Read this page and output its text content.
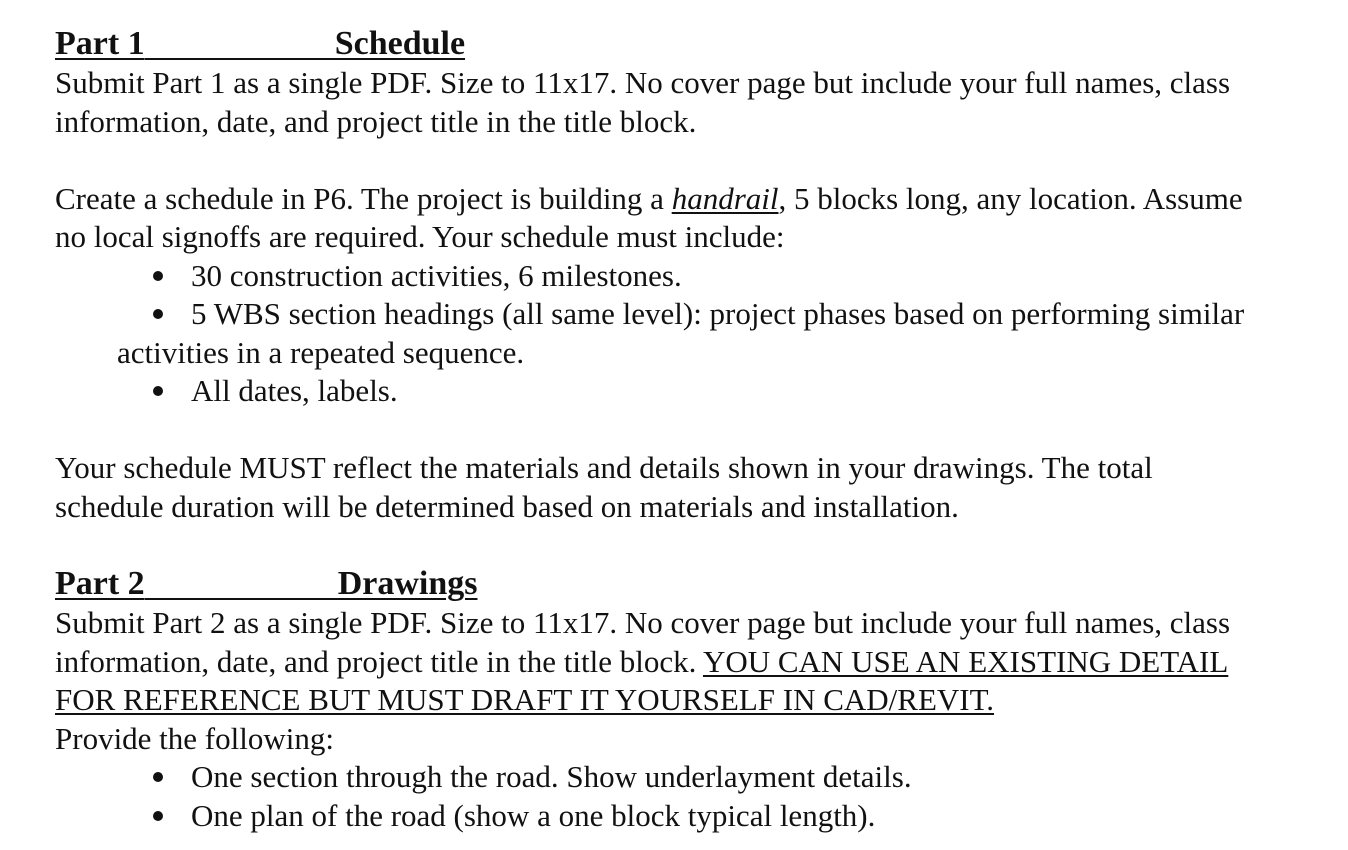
Part 1	Schedule

Submit Part 1 as a single PDF. Size to 11x17. No cover page but include your full names, class

information, date, and project title in the title block.

Create a schedule in P6. The project is building a handrail, 5 blocks long, any location. Assume

no local signoffs are required. Your schedule must include:

30 construction activities, 6 milestones.
5 WBS section headings (all same level): project phases based on performing similar
activities in a repeated sequence.
All dates, labels.

Your schedule MUST reflect the materials and details shown in your drawings. The total

schedule duration will be determined based on materials and installation.

Part 2	Drawings

Submit Part 2 as a single PDF. Size to 11x17. No cover page but include your full names, class

information, date, and project title in the title block. YOU CAN USE AN EXISTING DETAIL

FOR REFERENCE BUT MUST DRAFT IT YOURSELF IN CAD/REVIT.

Provide the following:

One section through the road. Show underlayment details.
One plan of the road (show a one block typical length).
